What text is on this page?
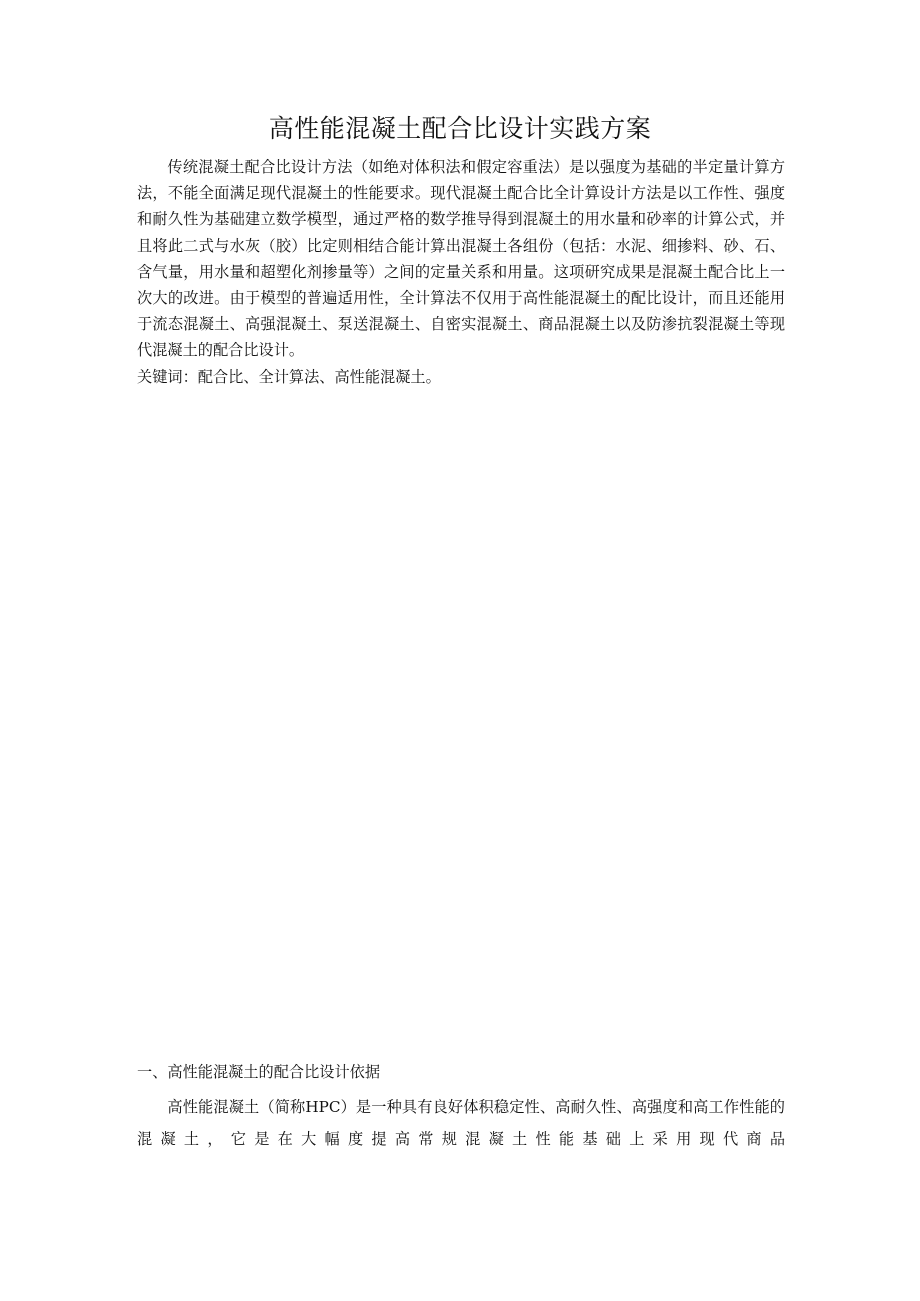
高性能混凝土配合比设计实践方案

传统混凝土配合比设计方法（如绝对体积法和假定容重法）是以强度为基础的半定量计算方法，不能全面满足现代混凝土的性能要求。现代混凝土配合比全计算设计方法是以工作性、强度和耐久性为基础建立数学模型，通过严格的数学推导得到混凝土的用水量和砂率的计算公式，并且将此二式与水灰（胶）比定则相结合能计算出混凝土各组份（包括：水泥、细掺料、砂、石、含气量，用水量和超塑化剂掺量等）之间的定量关系和用量。这项研究成果是混凝土配合比上一次大的改进。由于模型的普遍适用性，全计算法不仅用于高性能混凝土的配比设计，而且还能用于流态混凝土、高强混凝土、泵送混凝土、自密实混凝土、商品混凝土以及防渗抗裂混凝土等现代混凝土的配合比设计。

关键词：配合比、全计算法、高性能混凝土。

一、高性能混凝土的配合比设计依据

高性能混凝土（简称HPC）是一种具有良好体积稳定性、高耐久性、高强度和高工作性能的混凝土，它是在大幅度提高常规混凝土性能基础上采用现代商品
